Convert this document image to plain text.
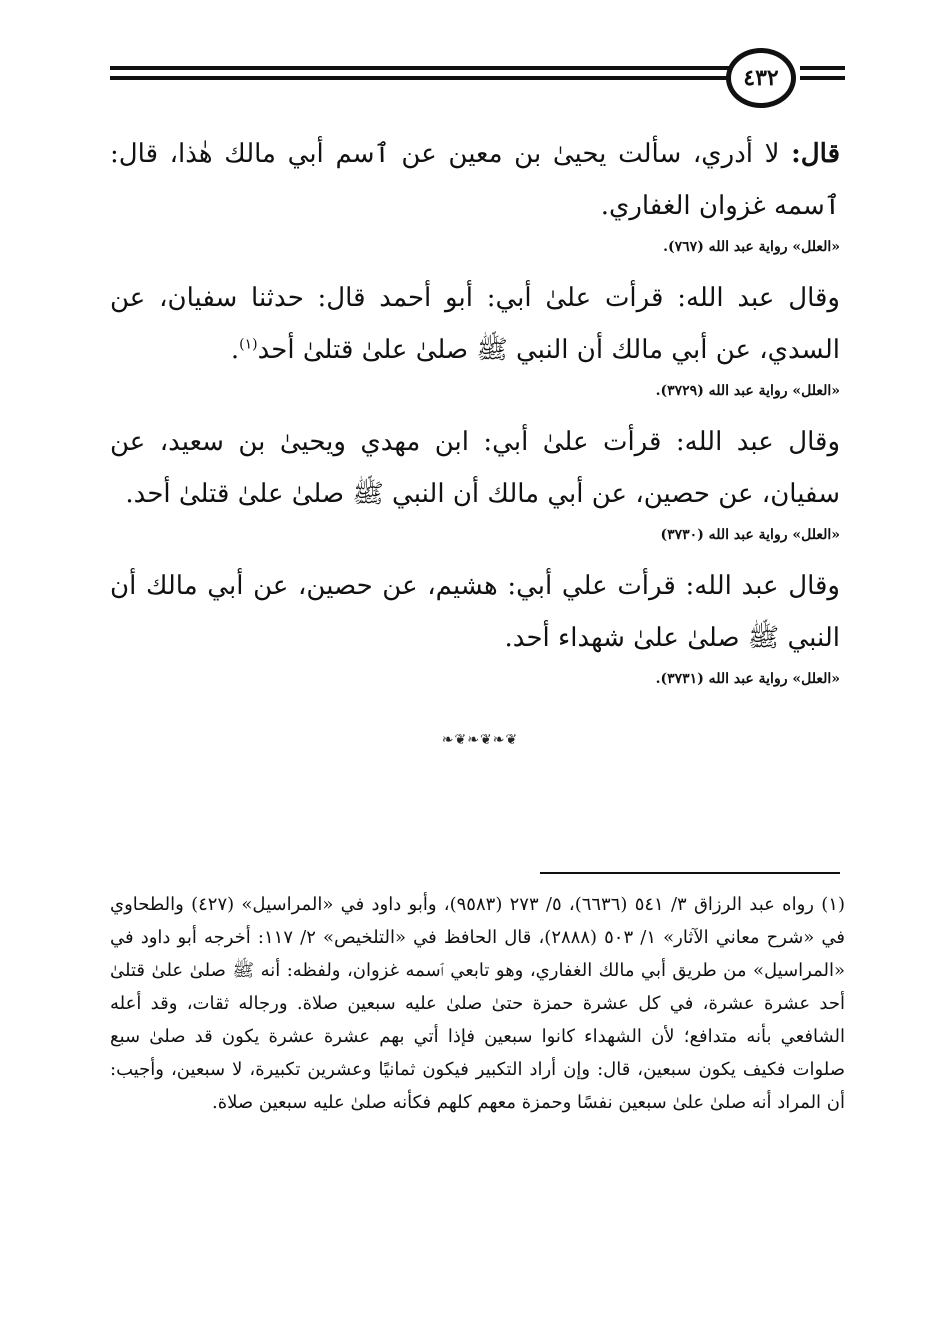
٤٣٢

قال: لا أدري، سألت يحيىٰ بن معين عن ٱسم أبي مالك هٰذا، قال: ٱسمه غزوان الغفاري.

«العلل» رواية عبد الله (٧٦٧).

وقال عبد الله: قرأت علىٰ أبي: أبو أحمد قال: حدثنا سفيان، عن السدي، عن أبي مالك أن النبي ﷺ صلىٰ علىٰ قتلىٰ أحد$^{(١)}$.

«العلل» رواية عبد الله (٣٧٢٩).

وقال عبد الله: قرأت علىٰ أبي: ابن مهدي ويحيىٰ بن سعيد، عن سفيان، عن حصين، عن أبي مالك أن النبي ﷺ صلىٰ علىٰ قتلىٰ أحد.

«العلل» رواية عبد الله (٣٧٣٠)

وقال عبد الله: قرأت علي أبي: هشيم، عن حصين، عن أبي مالك أن النبي ﷺ صلىٰ علىٰ شهداء أحد.

«العلل» رواية عبد الله (٣٧٣١).
❧❦❧❦❧❦
(١) رواه عبد الرزاق ٣/ ٥٤١ (٦٦٣٦)، ٥/ ٢٧٣ (٩٥٨٣)، وأبو داود في «المراسيل» (٤٢٧) والطحاوي في «شرح معاني الآثار» ١/ ٥٠٣ (٢٨٨٨)، قال الحافظ في «التلخيص» ٢/ ١١٧: أخرجه أبو داود في «المراسيل» من طريق أبي مالك الغفاري، وهو تابعي ٱسمه غزوان، ولفظه: أنه ﷺ صلىٰ علىٰ قتلىٰ أحد عشرة عشرة، في كل عشرة حمزة حتىٰ صلىٰ عليه سبعين صلاة. ورجاله ثقات، وقد أعله الشافعي بأنه متدافع؛ لأن الشهداء كانوا سبعين فإذا أتي بهم عشرة عشرة يكون قد صلىٰ سبع صلوات فكيف يكون سبعين، قال: وإن أراد التكبير فيكون ثمانيًا وعشرين تكبيرة، لا سبعين، وأجيب: أن المراد أنه صلىٰ علىٰ سبعين نفسًا وحمزة معهم كلهم فكأنه صلىٰ عليه سبعين صلاة.
